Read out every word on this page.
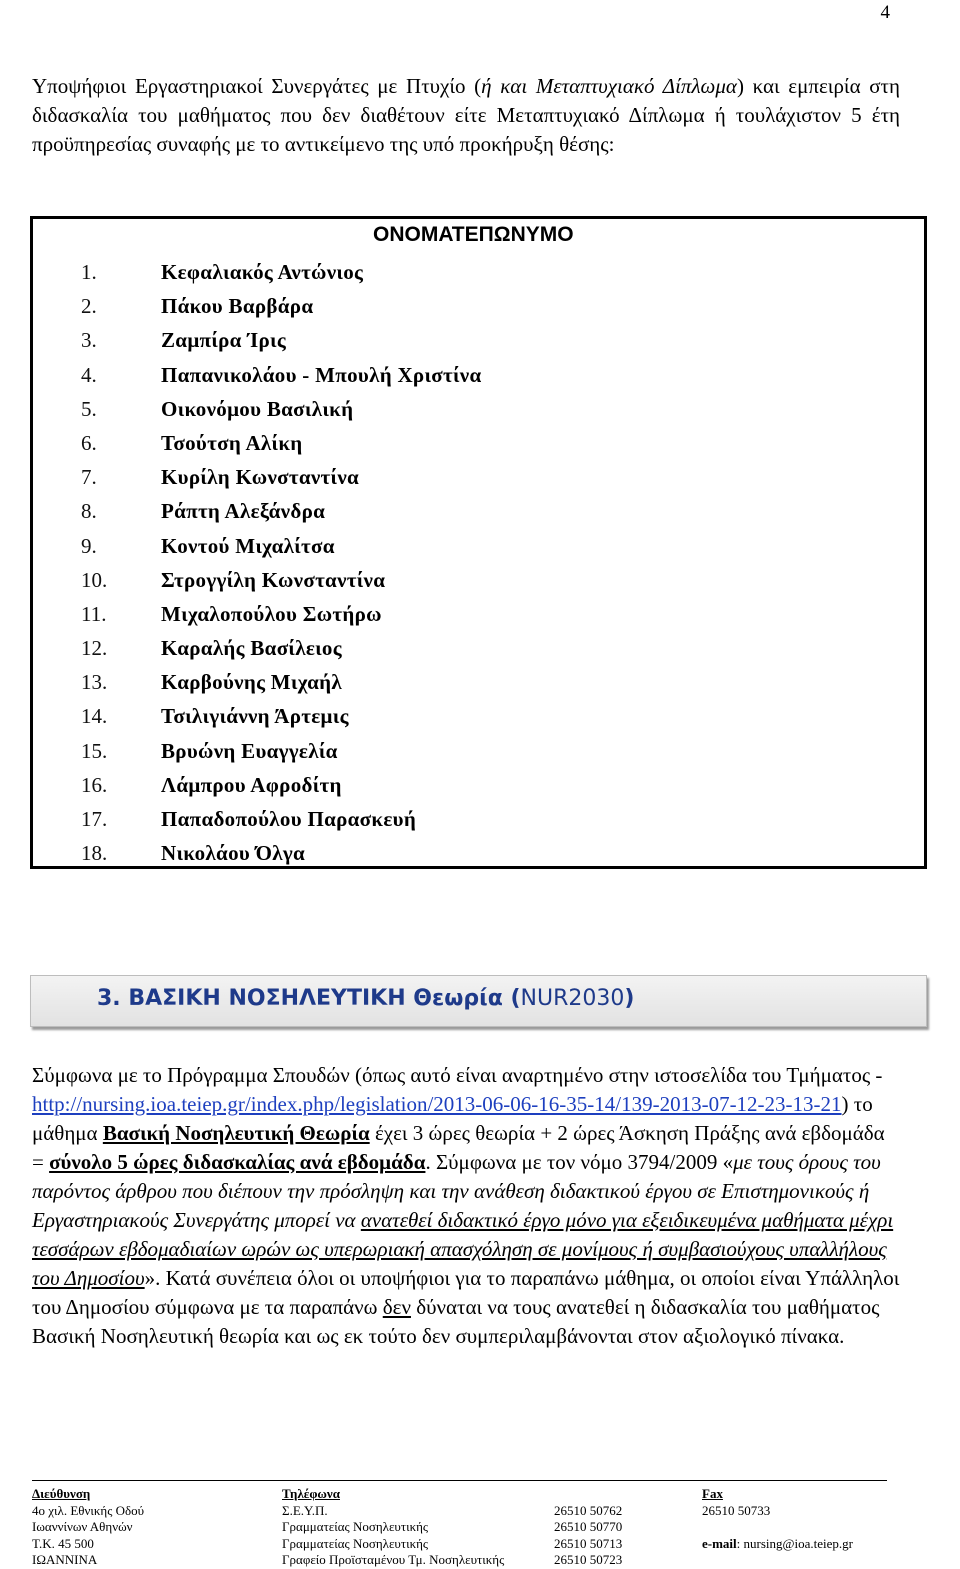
4
Υποψήφιοι Εργαστηριακοί Συνεργάτες με Πτυχίο (ή και Μεταπτυχιακό Δίπλωμα) και εμπειρία στη διδασκαλία του μαθήματος που δεν διαθέτουν είτε Μεταπτυχιακό Δίπλωμα ή τουλάχιστον 5 έτη προϋπηρεσίας συναφής με το αντικείμενο της υπό προκήρυξη θέσης:
ΟΝΟΜΑΤΕΠΩΝΥΜΟ
1.	Κεφαλιακός Αντώνιος
2.	Πάκου Βαρβάρα
3.	Ζαμπίρα Ίρις
4.	Παπανικολάου - Μπουλή Χριστίνα
5.	Οικονόμου Βασιλική
6.	Τσούτση Αλίκη
7.	Κυρίλη Κωνσταντίνα
8.	Ράπτη Αλεξάνδρα
9.	Κοντού Μιχαλίτσα
10.	Στρογγίλη Κωνσταντίνα
11.	Μιχαλοπούλου Σωτήρω
12.	Καραλής Βασίλειος
13.	Καρβούνης Μιχαήλ
14.	Τσιλιγιάννη Άρτεμις
15.	Βρυώνη Ευαγγελία
16.	Λάμπρου Αφροδίτη
17.	Παπαδοπούλου Παρασκευή
18.	Νικολάου Όλγα
3. ΒΑΣΙΚΗ ΝΟΣΗΛΕΥΤΙΚΗ Θεωρία (NUR2030)
Σύμφωνα με το Πρόγραμμα Σπουδών (όπως αυτό είναι αναρτημένο στην ιστοσελίδα του Τμήματος - http://nursing.ioa.teiep.gr/index.php/legislation/2013-06-06-16-35-14/139-2013-07-12-23-13-21) το μάθημα Βασική Νοσηλευτική Θεωρία έχει 3 ώρες θεωρία + 2 ώρες Άσκηση Πράξης ανά εβδομάδα = σύνολο 5 ώρες διδασκαλίας ανά εβδομάδα. Σύμφωνα με τον νόμο 3794/2009 «με τους όρους του παρόντος άρθρου που διέπουν την πρόσληψη και την ανάθεση διδακτικού έργου σε Επιστημονικούς ή Εργαστηριακούς Συνεργάτης μπορεί να ανατεθεί διδακτικό έργο μόνο για εξειδικευμένα μαθήματα μέχρι τεσσάρων εβδομαδιαίων ωρών ως υπερωριακή απασχόληση σε μονίμους ή συμβασιούχους υπαλλήλους του Δημοσίου». Κατά συνέπεια όλοι οι υποψήφιοι για το παραπάνω μάθημα, οι οποίοι είναι Υπάλληλοι του Δημοσίου σύμφωνα με τα παραπάνω δεν δύναται να τους ανατεθεί η διδασκαλία του μαθήματος Βασική Νοσηλευτική θεωρία και ως εκ τούτο δεν συμπεριλαμβάνονται στον αξιολογικό πίνακα.
Διεύθυνση
4ο χιλ. Εθνικής Οδού
Ιωαννίνων Αθηνών
Τ.Κ. 45 500
ΙΩΑΝΝΙΝΑ
Τηλέφωνα
Σ.Ε.Υ.Π.
Γραμματείας Νοσηλευτικής
Γραμματείας Νοσηλευτικής
Γραφείο Προϊσταμένου Τμ. Νοσηλευτικής

26510 50762
26510 50770
26510 50713
26510 50723
Fax
26510 50733

e-mail: nursing@ioa.teiep.gr
